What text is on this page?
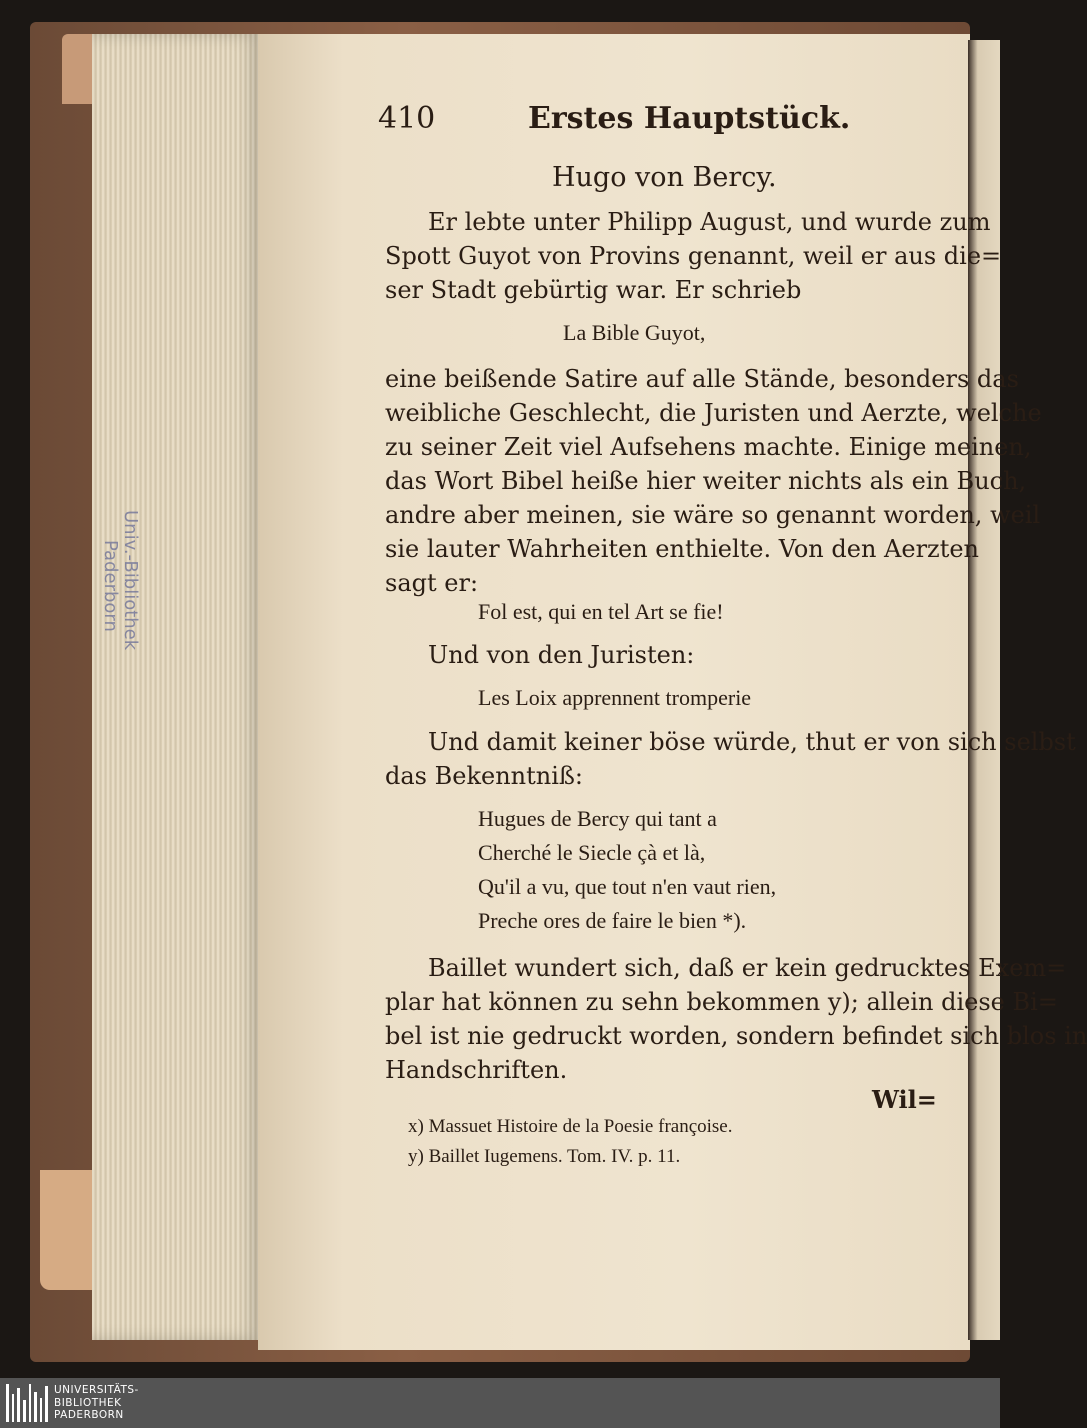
Univ.-Bibliothek
Paderborn
410	Erstes Hauptstück.
Hugo von Bercy.
Er lebte unter Philipp August, und wurde zum
Spott Guyot von Provins genannt, weil er aus die=
ser Stadt gebürtig war. Er schrieb
La Bible Guyot,
eine beißende Satire auf alle Stände, besonders das
weibliche Geschlecht, die Juristen und Aerzte, welche
zu seiner Zeit viel Aufsehens machte. Einige meinen,
das Wort Bibel heiße hier weiter nichts als ein Buch,
andre aber meinen, sie wäre so genannt worden, weil
sie lauter Wahrheiten enthielte. Von den Aerzten
sagt er:
Fol est, qui en tel Art se fie!
Und von den Juristen:
Les Loix apprennent tromperie
Und damit keiner böse würde, thut er von sich selbst
das Bekenntniß:
Hugues de Bercy qui tant a
Cherché le Siecle çà et là,
Qu'il a vu, que tout n'en vaut rien,
Preche ores de faire le bien *).
Baillet wundert sich, daß er kein gedrucktes Exem=
plar hat können zu sehn bekommen y); allein diese Bi=
bel ist nie gedruckt worden, sondern befindet sich blos in
Handschriften.
Wil=
x) Massuet Histoire de la Poesie françoise.
y) Baillet Iugemens. Tom. IV. p. 11.
UNIVERSITÄTS-
BIBLIOTHEK
PADERBORN
